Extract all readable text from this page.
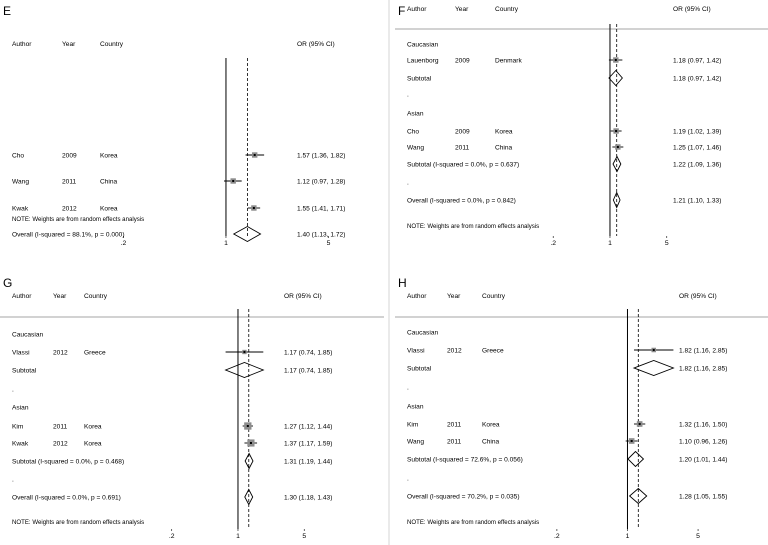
E
Author	Year	Country	OR (95% CI)
Cho	2009	Korea	1.57 (1.36, 1.82)
Wang	2011	China	1.12 (0.97, 1.28)
Kwak	2012	Korea	1.55 (1.41, 1.71)
Overall (I-squared = 88.1%, p = 0.000)	1.40 (1.13, 1.72)
NOTE: Weights are from random effects analysis
.2	1	5
F Author	Year	Country	OR (95% CI)
Caucasian
Lauenborg 2009	Denmark	1.18 (0.97, 1.42)
Subtotal	1.18 (0.97, 1.42)
.
Asian
Cho	2009	Korea	1.19 (1.02, 1.39)
Wang	2011	China	1.25 (1.07, 1.46)
Subtotal (I-squared = 0.0%, p = 0.637)	1.22 (1.09, 1.36)
.
Overall (I-squared = 0.0%, p = 0.842)	1.21 (1.10, 1.33)
NOTE: Weights are from random effects analysis
.2	1	5
G
Author	Year	Country	OR (95% CI)
Caucasian
Vlassi	2012 Greece	1.17 (0.74, 1.85)
Subtotal	1.17 (0.74, 1.85)
.
Asian
Kim	2011	Korea	1.27 (1.12, 1.44)
Kwak	2012 Korea	1.37 (1.17, 1.59)
Subtotal (I-squared = 0.0%, p = 0.468)	1.31 (1.19, 1.44)
.
Overall (I-squared = 0.0%, p = 0.691)	1.30 (1.18, 1.43)
NOTE: Weights are from random effects analysis
.2	1	5
H
Author	Year	Country	OR (95% CI)
Caucasian
Vlassi	2012	Greece	1.82 (1.16, 2.85)
Subtotal	1.82 (1.16, 2.85)
.
Asian
Kim	2011	Korea	1.32 (1.16, 1.50)
Wang	2011	China	1.10 (0.96, 1.26)
Subtotal (I-squared = 72.6%, p = 0.056)	1.20 (1.01, 1.44)
.
Overall (I-squared = 70.2%, p = 0.035)	1.28 (1.05, 1.55)
NOTE: Weights are from random effects analysis
.2	1	5
